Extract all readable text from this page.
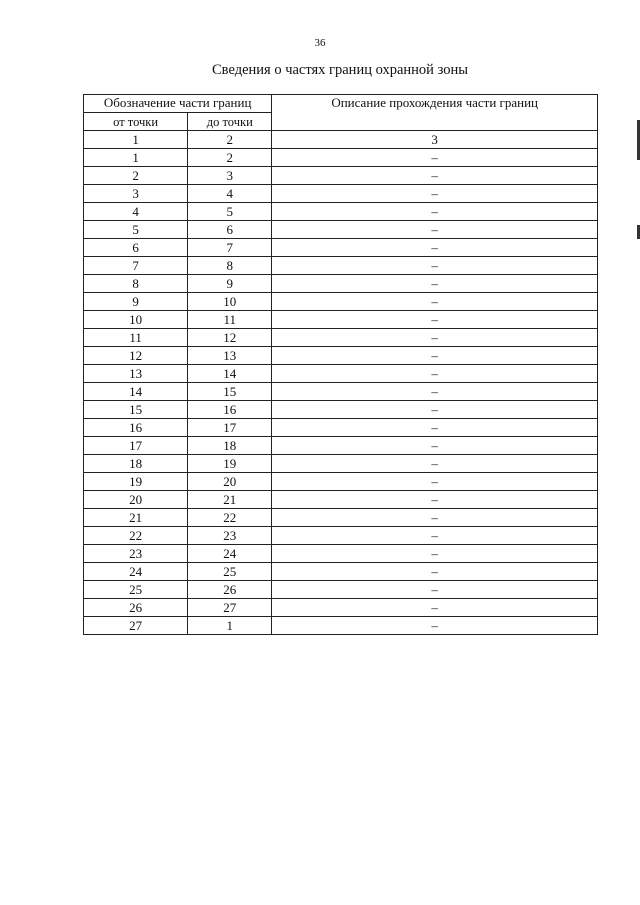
36
Сведения о частях границ охранной зоны
Обозначение части границ		Описание прохождения части границ
от точки	до точки	
1	2	3
1	2	–
2	3	–
3	4	–
4	5	–
5	6	–
6	7	–
7	8	–
8	9	–
9	10	–
10	11	–
11	12	–
12	13	–
13	14	–
14	15	–
15	16	–
16	17	–
17	18	–
18	19	–
19	20	–
20	21	–
21	22	–
22	23	–
23	24	–
24	25	–
25	26	–
26	27	–
27	1	–
